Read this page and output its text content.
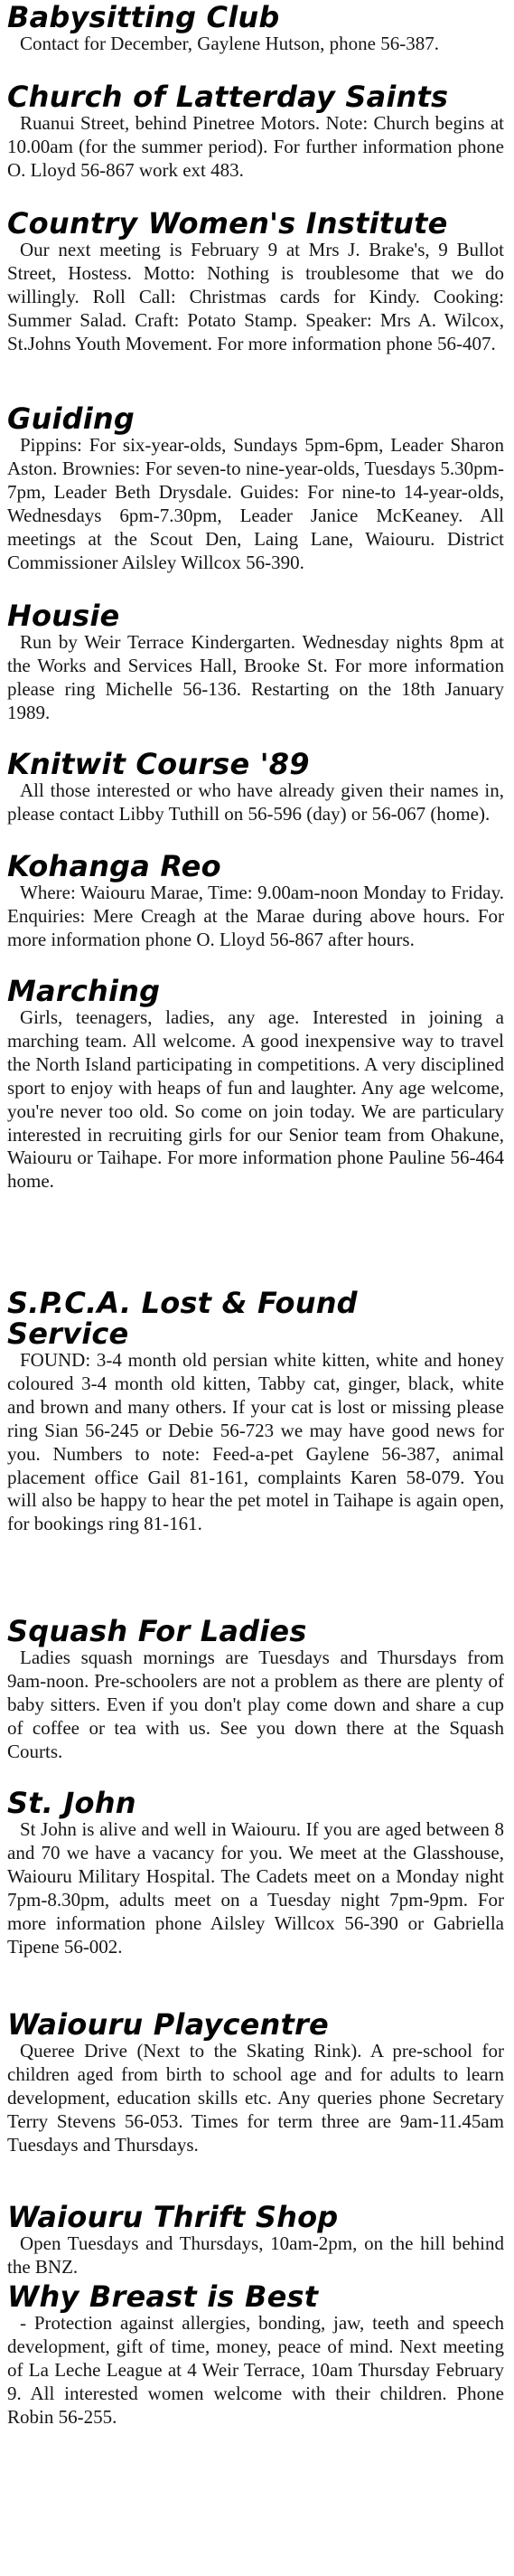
Babysitting Club

Contact for December, Gaylene Hutson, phone 56-387.

Church of Latterday Saints

Ruanui Street, behind Pinetree Motors. Note: Church begins at 10.00am (for the summer period). For further information phone O. Lloyd 56-867 work ext 483.

Country Women's Institute

Our next meeting is February 9 at Mrs J. Brake's, 9 Bullot Street, Hostess. Motto: Nothing is troublesome that we do willingly. Roll Call: Christmas cards for Kindy. Cooking: Summer Salad. Craft: Potato Stamp. Speaker: Mrs A. Wilcox, St.Johns Youth Movement. For more information phone 56-407.

Guiding

Pippins: For six-year-olds, Sundays 5pm-6pm, Leader Sharon Aston. Brownies: For seven-to nine-year-olds, Tuesdays 5.30pm-7pm, Leader Beth Drysdale. Guides: For nine-to 14-year-olds, Wednesdays 6pm-7.30pm, Leader Janice McKeaney. All meetings at the Scout Den, Laing Lane, Waiouru. District Commissioner Ailsley Willcox 56-390.

Housie

Run by Weir Terrace Kindergarten. Wednesday nights 8pm at the Works and Services Hall, Brooke St. For more information please ring Michelle 56-136. Restarting on the 18th January 1989.

Knitwit Course '89

All those interested or who have already given their names in, please contact Libby Tuthill on 56-596 (day) or 56-067 (home).

Kohanga Reo

Where: Waiouru Marae, Time: 9.00am-noon Monday to Friday. Enquiries: Mere Creagh at the Marae during above hours. For more information phone O. Lloyd 56-867 after hours.

Marching

Girls, teenagers, ladies, any age. Interested in joining a marching team. All welcome. A good inexpensive way to travel the North Island participating in competitions. A very disciplined sport to enjoy with heaps of fun and laughter. Any age welcome, you're never too old. So come on join today. We are particulary interested in recruiting girls for our Senior team from Ohakune, Waiouru or Taihape. For more information phone Pauline 56-464 home.

S.P.C.A. Lost & Found
Service

FOUND: 3-4 month old persian white kitten, white and honey coloured 3-4 month old kitten, Tabby cat, ginger, black, white and brown and many others. If your cat is lost or missing please ring Sian 56-245 or Debie 56-723 we may have good news for you. Numbers to note: Feed-a-pet Gaylene 56-387, animal placement office Gail 81-161, complaints Karen 58-079. You will also be happy to hear the pet motel in Taihape is again open, for bookings ring 81-161.

Squash For Ladies

Ladies squash mornings are Tuesdays and Thursdays from 9am-noon. Pre-schoolers are not a problem as there are plenty of baby sitters. Even if you don't play come down and share a cup of coffee or tea with us. See you down there at the Squash Courts.

St. John

St John is alive and well in Waiouru. If you are aged between 8 and 70 we have a vacancy for you. We meet at the Glasshouse, Waiouru Military Hospital. The Cadets meet on a Monday night 7pm-8.30pm, adults meet on a Tuesday night 7pm-9pm. For more information phone Ailsley Willcox 56-390 or Gabriella Tipene 56-002.

Waiouru Playcentre

Queree Drive (Next to the Skating Rink). A pre-school for children aged from birth to school age and for adults to learn development, education skills etc. Any queries phone Secretary Terry Stevens 56-053. Times for term three are 9am-11.45am Tuesdays and Thursdays.

Waiouru Thrift Shop

Open Tuesdays and Thursdays, 10am-2pm, on the hill behind the BNZ.

Why Breast is Best

- Protection against allergies, bonding, jaw, teeth and speech development, gift of time, money, peace of mind. Next meeting of La Leche League at 4 Weir Terrace, 10am Thursday February 9. All interested women welcome with their children. Phone Robin 56-255.
